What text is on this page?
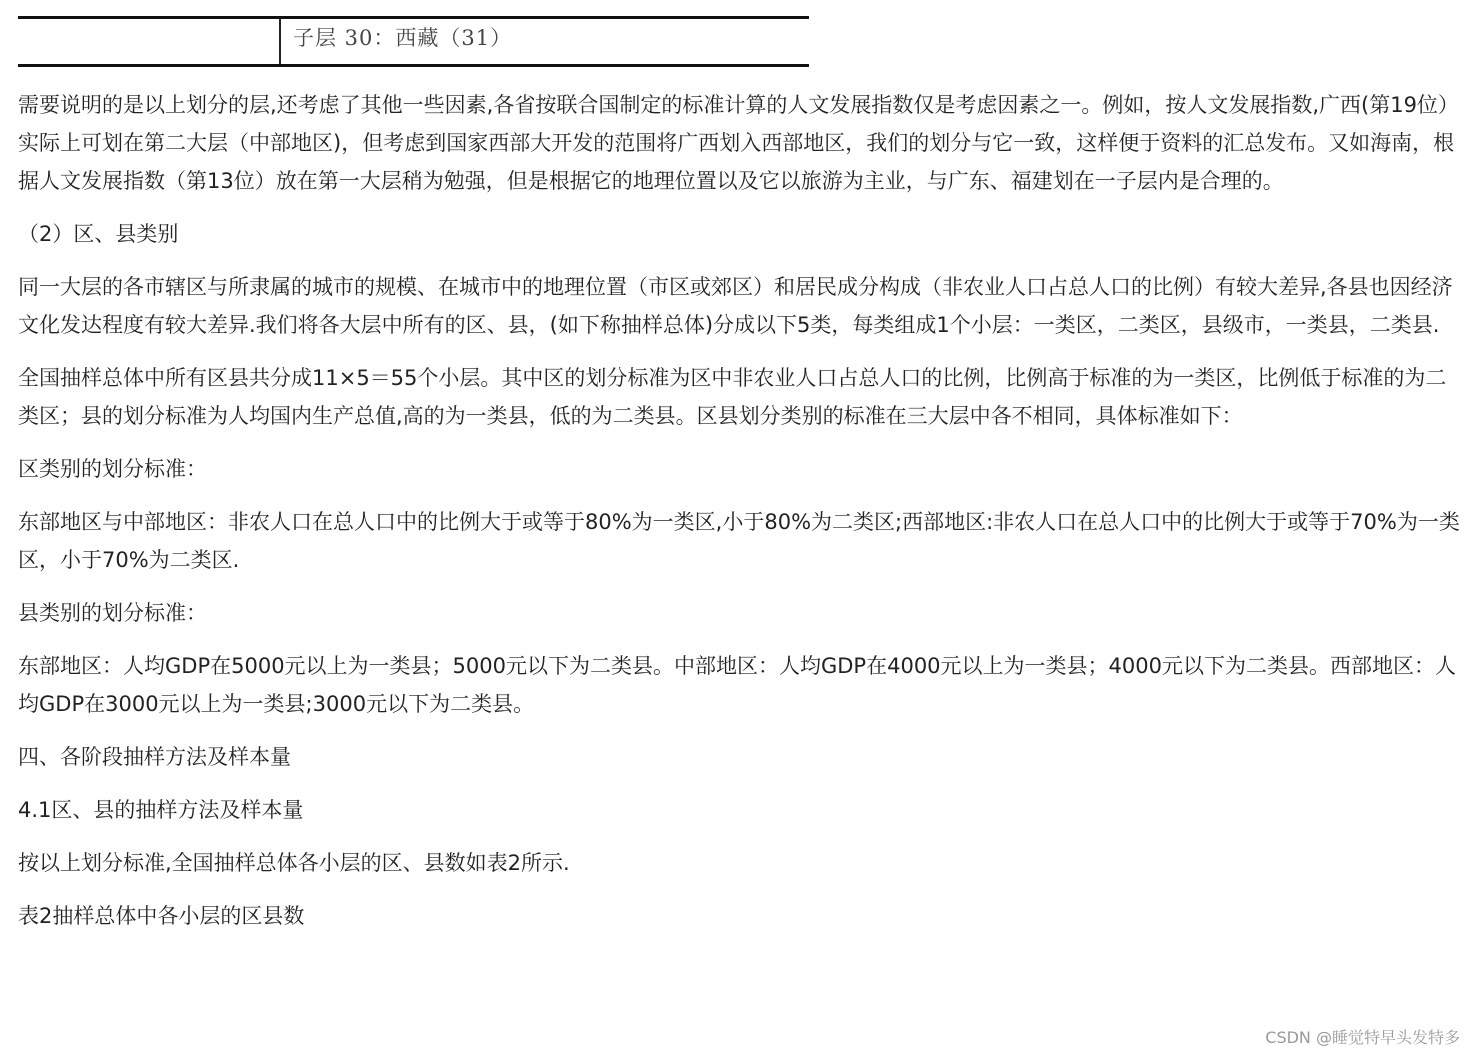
子层 30：西藏（31）

需要说明的是以上划分的层,还考虑了其他一些因素,各省按联合国制定的标准计算的人文发展指数仅是考虑因素之一。例如，按人文发展指数,广西(第19位）实际上可划在第二大层（中部地区)，但考虑到国家西部大开发的范围将广西划入西部地区，我们的划分与它一致，这样便于资料的汇总发布。又如海南，根据人文发展指数（第13位）放在第一大层稍为勉强，但是根据它的地理位置以及它以旅游为主业，与广东、福建划在一子层内是合理的。

（2）区、县类别

同一大层的各市辖区与所隶属的城市的规模、在城市中的地理位置（市区或郊区）和居民成分构成（非农业人口占总人口的比例）有较大差异,各县也因经济文化发达程度有较大差异.我们将各大层中所有的区、县，(如下称抽样总体)分成以下5类，每类组成1个小层：一类区，二类区，县级市，一类县，二类县.

全国抽样总体中所有区县共分成11×5＝55个小层。其中区的划分标准为区中非农业人口占总人口的比例，比例高于标准的为一类区，比例低于标准的为二类区；县的划分标准为人均国内生产总值,高的为一类县，低的为二类县。区县划分类别的标准在三大层中各不相同，具体标准如下：

区类别的划分标准：

东部地区与中部地区：非农人口在总人口中的比例大于或等于80%为一类区,小于80%为二类区;西部地区:非农人口在总人口中的比例大于或等于70%为一类区，小于70%为二类区.

县类别的划分标准：

东部地区：人均GDP在5000元以上为一类县；5000元以下为二类县。中部地区：人均GDP在4000元以上为一类县；4000元以下为二类县。西部地区：人均GDP在3000元以上为一类县;3000元以下为二类县。

四、各阶段抽样方法及样本量

4.1区、县的抽样方法及样本量

按以上划分标准,全国抽样总体各小层的区、县数如表2所示.

表2抽样总体中各小层的区县数

CSDN @睡觉特早头发特多
